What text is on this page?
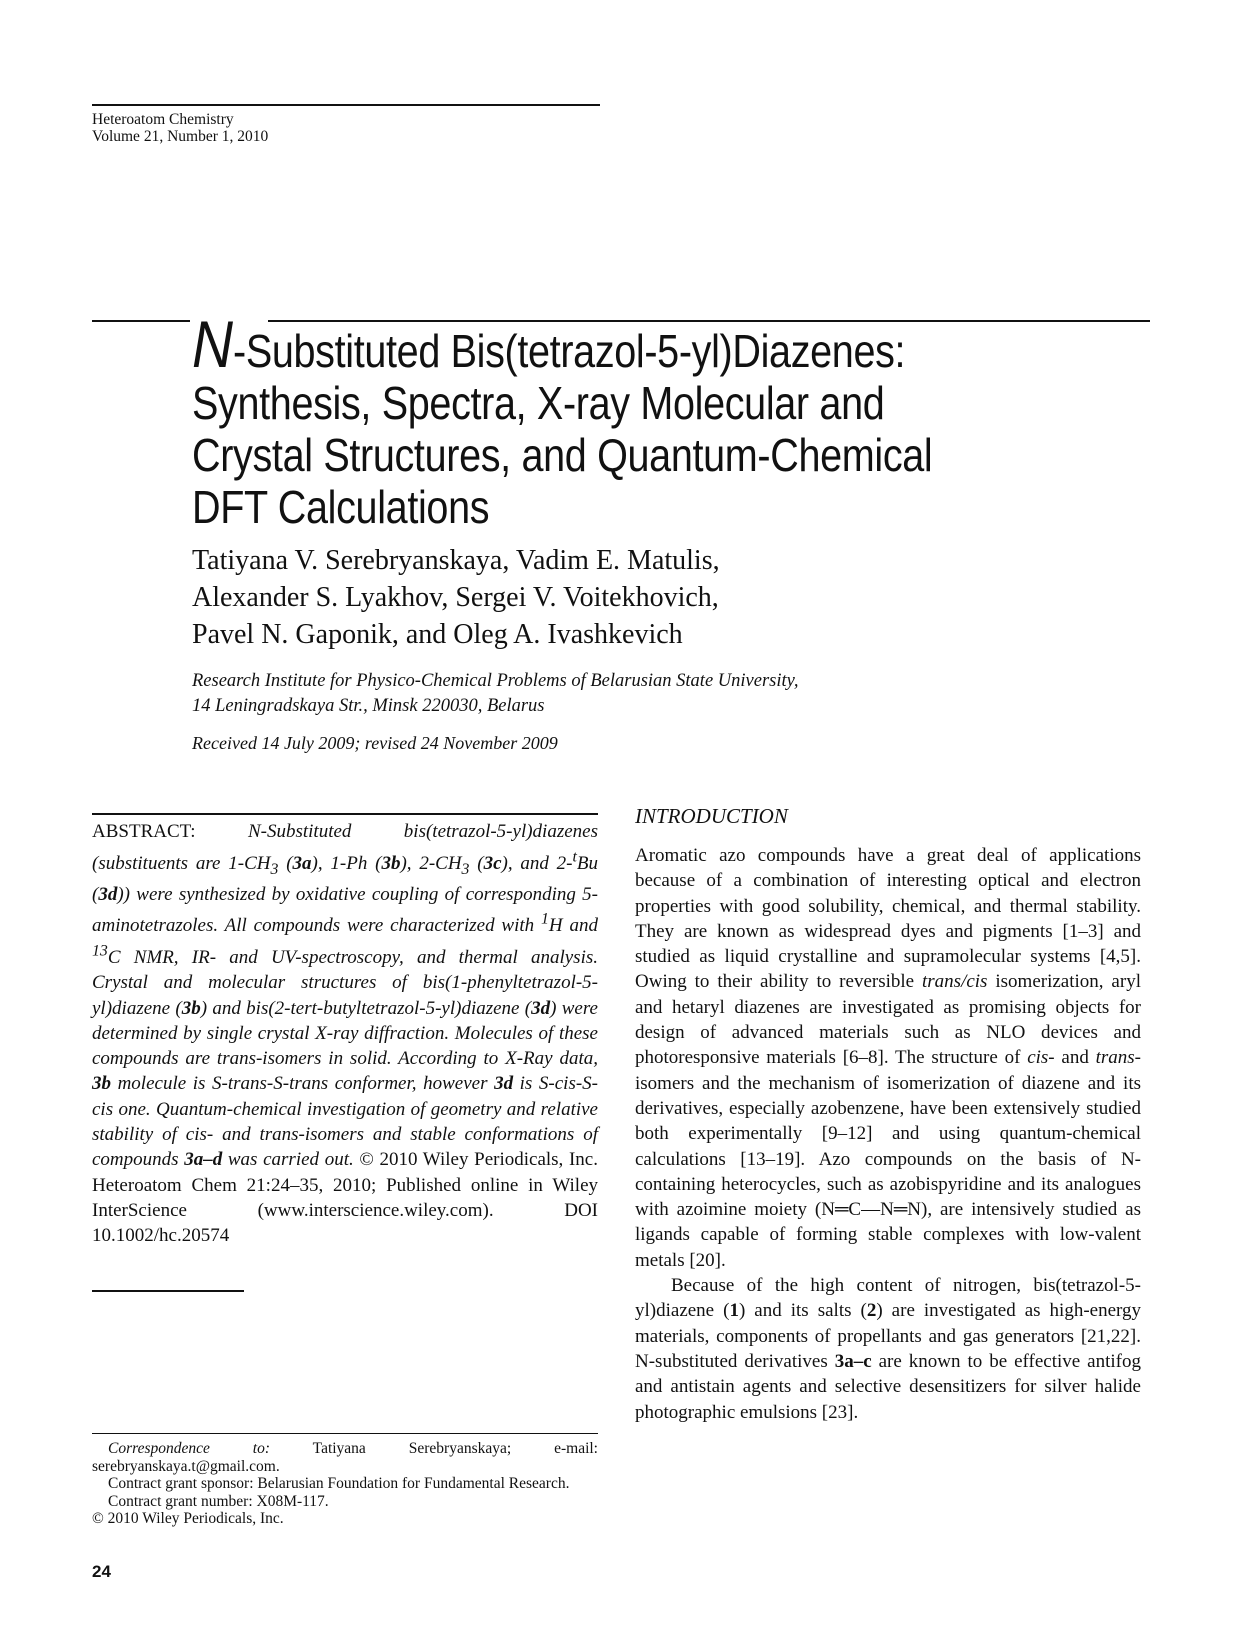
Heteroatom Chemistry
Volume 21, Number 1, 2010
N-Substituted Bis(tetrazol-5-yl)Diazenes:
Synthesis, Spectra, X-ray Molecular and
Crystal Structures, and Quantum-Chemical
DFT Calculations
Tatiyana V. Serebryanskaya, Vadim E. Matulis,
Alexander S. Lyakhov, Sergei V. Voitekhovich,
Pavel N. Gaponik, and Oleg A. Ivashkevich
Research Institute for Physico-Chemical Problems of Belarusian State University,
14 Leningradskaya Str., Minsk 220030, Belarus
Received 14 July 2009; revised 24 November 2009
ABSTRACT:	N-Substituted bis(tetrazol-5-yl)diazenes (substituents are $1-CH_3$ (3a), 1-Ph (3b), $2-CH_3$ (3c), and 2-$^t$Bu (3d)) were synthesized by oxidative coupling of corresponding 5-aminotetrazoles. All compounds were characterized with $^1$H and $^{13}$C NMR, IR- and UV-spectroscopy, and thermal analysis. Crystal and molecular structures of bis(1-phenyltetrazol-5-yl)diazene (3b) and bis(2-tert-butyltetrazol-5-yl)diazene (3d) were determined by single crystal X-ray diffraction. Molecules of these compounds are trans-isomers in solid. According to X-Ray data, 3b molecule is S-trans-S-trans conformer, however 3d is S-cis-S-cis one. Quantum-chemical investigation of geometry and relative stability of cis- and trans-isomers and stable conformations of compounds 3a–d was carried out. © 2010 Wiley Periodicals, Inc. Heteroatom Chem 21:24–35, 2010; Published online in Wiley InterScience (www.interscience.wiley.com). DOI 10.1002/hc.20574

Correspondence to: Tatiyana Serebryanskaya; e-mail: serebryanskaya.t@gmail.com.

Contract grant sponsor: Belarusian Foundation for Fundamental Research.

Contract grant number: X08M-117.

© 2010 Wiley Periodicals, Inc.

24
INTRODUCTION

Aromatic azo compounds have a great deal of applications because of a combination of interesting optical and electron properties with good solubility, chemical, and thermal stability. They are known as widespread dyes and pigments [1–3] and studied as liquid crystalline and supramolecular systems [4,5]. Owing to their ability to reversible trans/cis isomerization, aryl and hetaryl diazenes are investigated as promising objects for design of advanced materials such as NLO devices and photoresponsive materials [6–8]. The structure of cis- and trans-isomers and the mechanism of isomerization of diazene and its derivatives, especially azobenzene, have been extensively studied both experimentally [9–12] and using quantum-chemical calculations [13–19]. Azo compounds on the basis of N-containing heterocycles, such as azobispyridine and its analogues with azoimine moiety (N═C—N═N), are intensively studied as ligands capable of forming stable complexes with low-valent metals [20].

Because of the high content of nitrogen, bis(tetrazol-5-yl)diazene (1) and its salts (2) are investigated as high-energy materials, components of propellants and gas generators [21,22]. N-substituted derivatives 3a–c are known to be effective antifog and antistain agents and selective desensitizers for silver halide photographic emulsions [23].
